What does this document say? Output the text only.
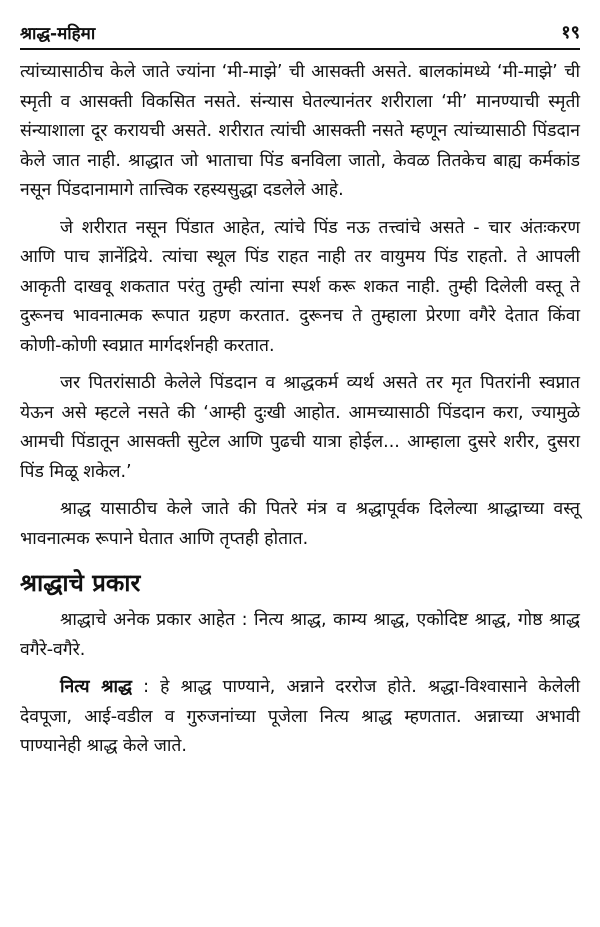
श्राद्ध-महिमा	१९

त्यांच्यासाठीच केले जाते ज्यांना ‘मी-माझे’ ची आसक्ती असते. बालकांमध्ये ‘मी-माझे’ ची स्मृती व आसक्ती विकसित नसते. संन्यास घेतल्यानंतर शरीराला ‘मी’ मानण्याची स्मृती संन्याशाला दूर करायची असते. शरीरात त्यांची आसक्ती नसते म्हणून त्यांच्यासाठी पिंडदान केले जात नाही. श्राद्धात जो भाताचा पिंड बनविला जातो, केवळ तितकेच बाह्य कर्मकांड नसून पिंडदानामागे तात्त्विक रहस्यसुद्धा दडलेले आहे.

जे शरीरात नसून पिंडात आहेत, त्यांचे पिंड नऊ तत्त्वांचे असते - चार अंतःकरण आणि पाच ज्ञानेंद्रिये. त्यांचा स्थूल पिंड राहत नाही तर वायुमय पिंड राहतो. ते आपली आकृती दाखवू शकतात परंतु तुम्ही त्यांना स्पर्श करू शकत नाही. तुम्ही दिलेली वस्तू ते दुरूनच भावनात्मक रूपात ग्रहण करतात. दुरूनच ते तुम्हाला प्रेरणा वगैरे देतात किंवा कोणी-कोणी स्वप्नात मार्गदर्शनही करतात.

जर पितरांसाठी केलेले पिंडदान व श्राद्धकर्म व्यर्थ असते तर मृत पितरांनी स्वप्नात येऊन असे म्हटले नसते की ‘आम्ही दुःखी आहोत. आमच्यासाठी पिंडदान करा, ज्यामुळे आमची पिंडातून आसक्ती सुटेल आणि पुढची यात्रा होईल... आम्हाला दुसरे शरीर, दुसरा पिंड मिळू शकेल.’

श्राद्ध यासाठीच केले जाते की पितरे मंत्र व श्रद्धापूर्वक दिलेल्या श्राद्धाच्या वस्तू भावनात्मक रूपाने घेतात आणि तृप्तही होतात.

श्राद्धाचे प्रकार

श्राद्धाचे अनेक प्रकार आहेत : नित्य श्राद्ध, काम्य श्राद्ध, एकोदिष्ट श्राद्ध, गोष्ठ श्राद्ध वगैरे-वगैरे.

नित्य श्राद्ध : हे श्राद्ध पाण्याने, अन्नाने दररोज होते. श्रद्धा-विश्वासाने केलेली देवपूजा, आई-वडील व गुरुजनांच्या पूजेला नित्य श्राद्ध म्हणतात. अन्नाच्या अभावी पाण्यानेही श्राद्ध केले जाते.
